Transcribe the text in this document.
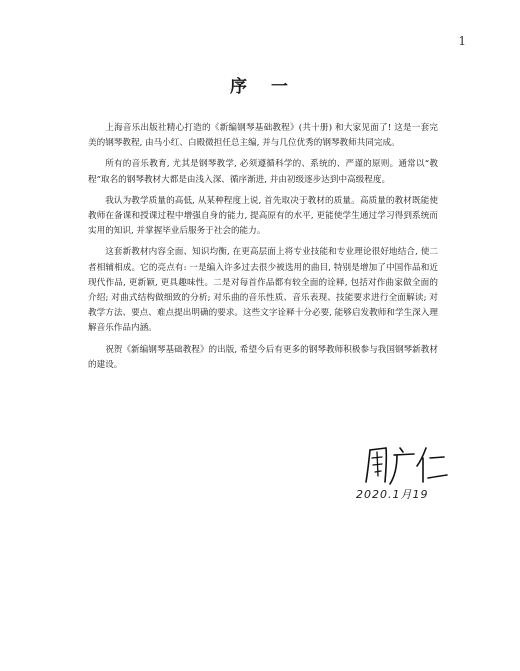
1
序 一

上海音乐出版社精心打造的《新编钢琴基础教程》(共十册) 和大家见面了! 这是一套完美的钢琴教程, 由马小红、白殿微担任总主编, 并与几位优秀的钢琴教师共同完成。

所有的音乐教育, 尤其是钢琴教学, 必须遵循科学的、系统的、严谨的原则。通常以“教程”取名的钢琴教材大都是由浅入深、循序渐进, 并由初级逐步达到中高级程度。

我认为教学质量的高低, 从某种程度上说, 首先取决于教材的质量。高质量的教材既能使教师在备课和授课过程中增强自身的能力, 提高原有的水平, 更能使学生通过学习得到系统而实用的知识, 并掌握毕业后服务于社会的能力。

这套新教材内容全面、知识均衡, 在更高层面上将专业技能和专业理论很好地结合, 使二者相辅相成。它的亮点有: 一是编入许多过去很少被选用的曲目, 特别是增加了中国作品和近现代作品, 更新颖, 更具趣味性。二是对每首作品都有较全面的诠释, 包括对作曲家做全面的介绍; 对曲式结构做细致的分析; 对乐曲的音乐性质、音乐表现、技能要求进行全面解读; 对教学方法、要点、难点提出明确的要求。这些文字诠释十分必要, 能够启发教师和学生深入理解音乐作品内涵。

祝贺《新编钢琴基础教程》的出版, 希望今后有更多的钢琴教师积极参与我国钢琴新教材的建设。

2020.1月19
